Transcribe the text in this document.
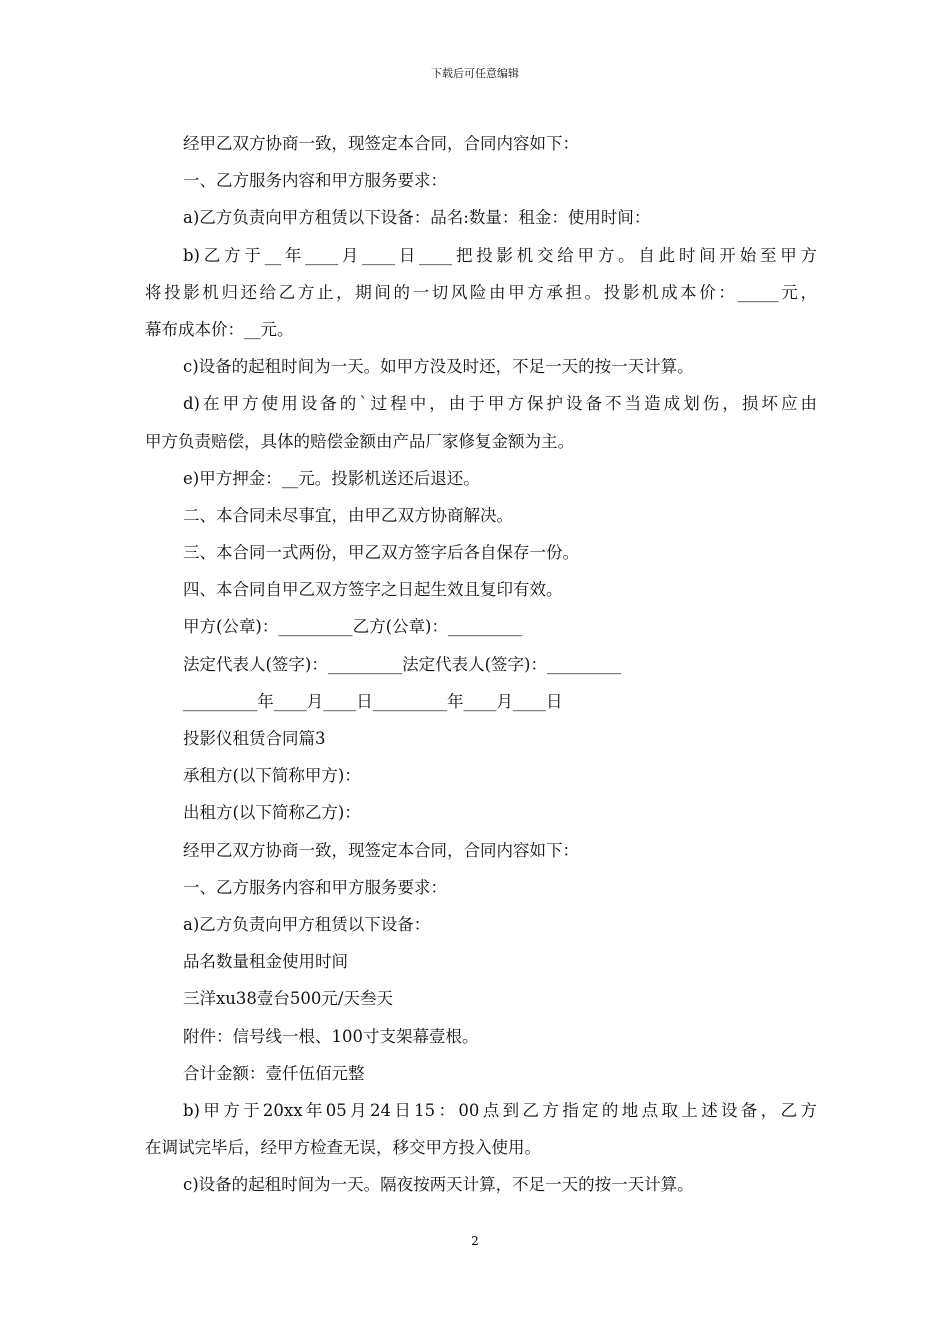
下载后可任意编辑
经甲乙双方协商一致，现签定本合同，合同内容如下：
一、乙方服务内容和甲方服务要求：
a)乙方负责向甲方租赁以下设备：品名:数量：租金：使用时间：
b)乙方于__年____月____日____把投影机交给甲方。自此时间开始至甲方
将投影机归还给乙方止，期间的一切风险由甲方承担。投影机成本价：_____元，
幕布成本价：__元。
c)设备的起租时间为一天。如甲方没及时还，不足一天的按一天计算。
d)在甲方使用设备的`过程中，由于甲方保护设备不当造成划伤，损坏应由
甲方负责赔偿，具体的赔偿金额由产品厂家修复金额为主。
e)甲方押金：__元。投影机送还后退还。
二、本合同未尽事宜，由甲乙双方协商解决。
三、本合同一式两份，甲乙双方签字后各自保存一份。
四、本合同自甲乙双方签字之日起生效且复印有效。
甲方(公章)：_________乙方(公章)：_________
法定代表人(签字)：_________法定代表人(签字)：_________
_________年____月____日_________年____月____日
投影仪租赁合同篇3
承租方(以下简称甲方)：
出租方(以下简称乙方)：
经甲乙双方协商一致，现签定本合同，合同内容如下：
一、乙方服务内容和甲方服务要求：
a)乙方负责向甲方租赁以下设备：
品名数量租金使用时间
三洋xu38壹台500元/天叁天
附件：信号线一根、100寸支架幕壹根。
合计金额：壹仟伍佰元整
b)甲方于20xx年05月24日15：00点到乙方指定的地点取上述设备，乙方
在调试完毕后，经甲方检查无误，移交甲方投入使用。
c)设备的起租时间为一天。隔夜按两天计算，不足一天的按一天计算。
2
